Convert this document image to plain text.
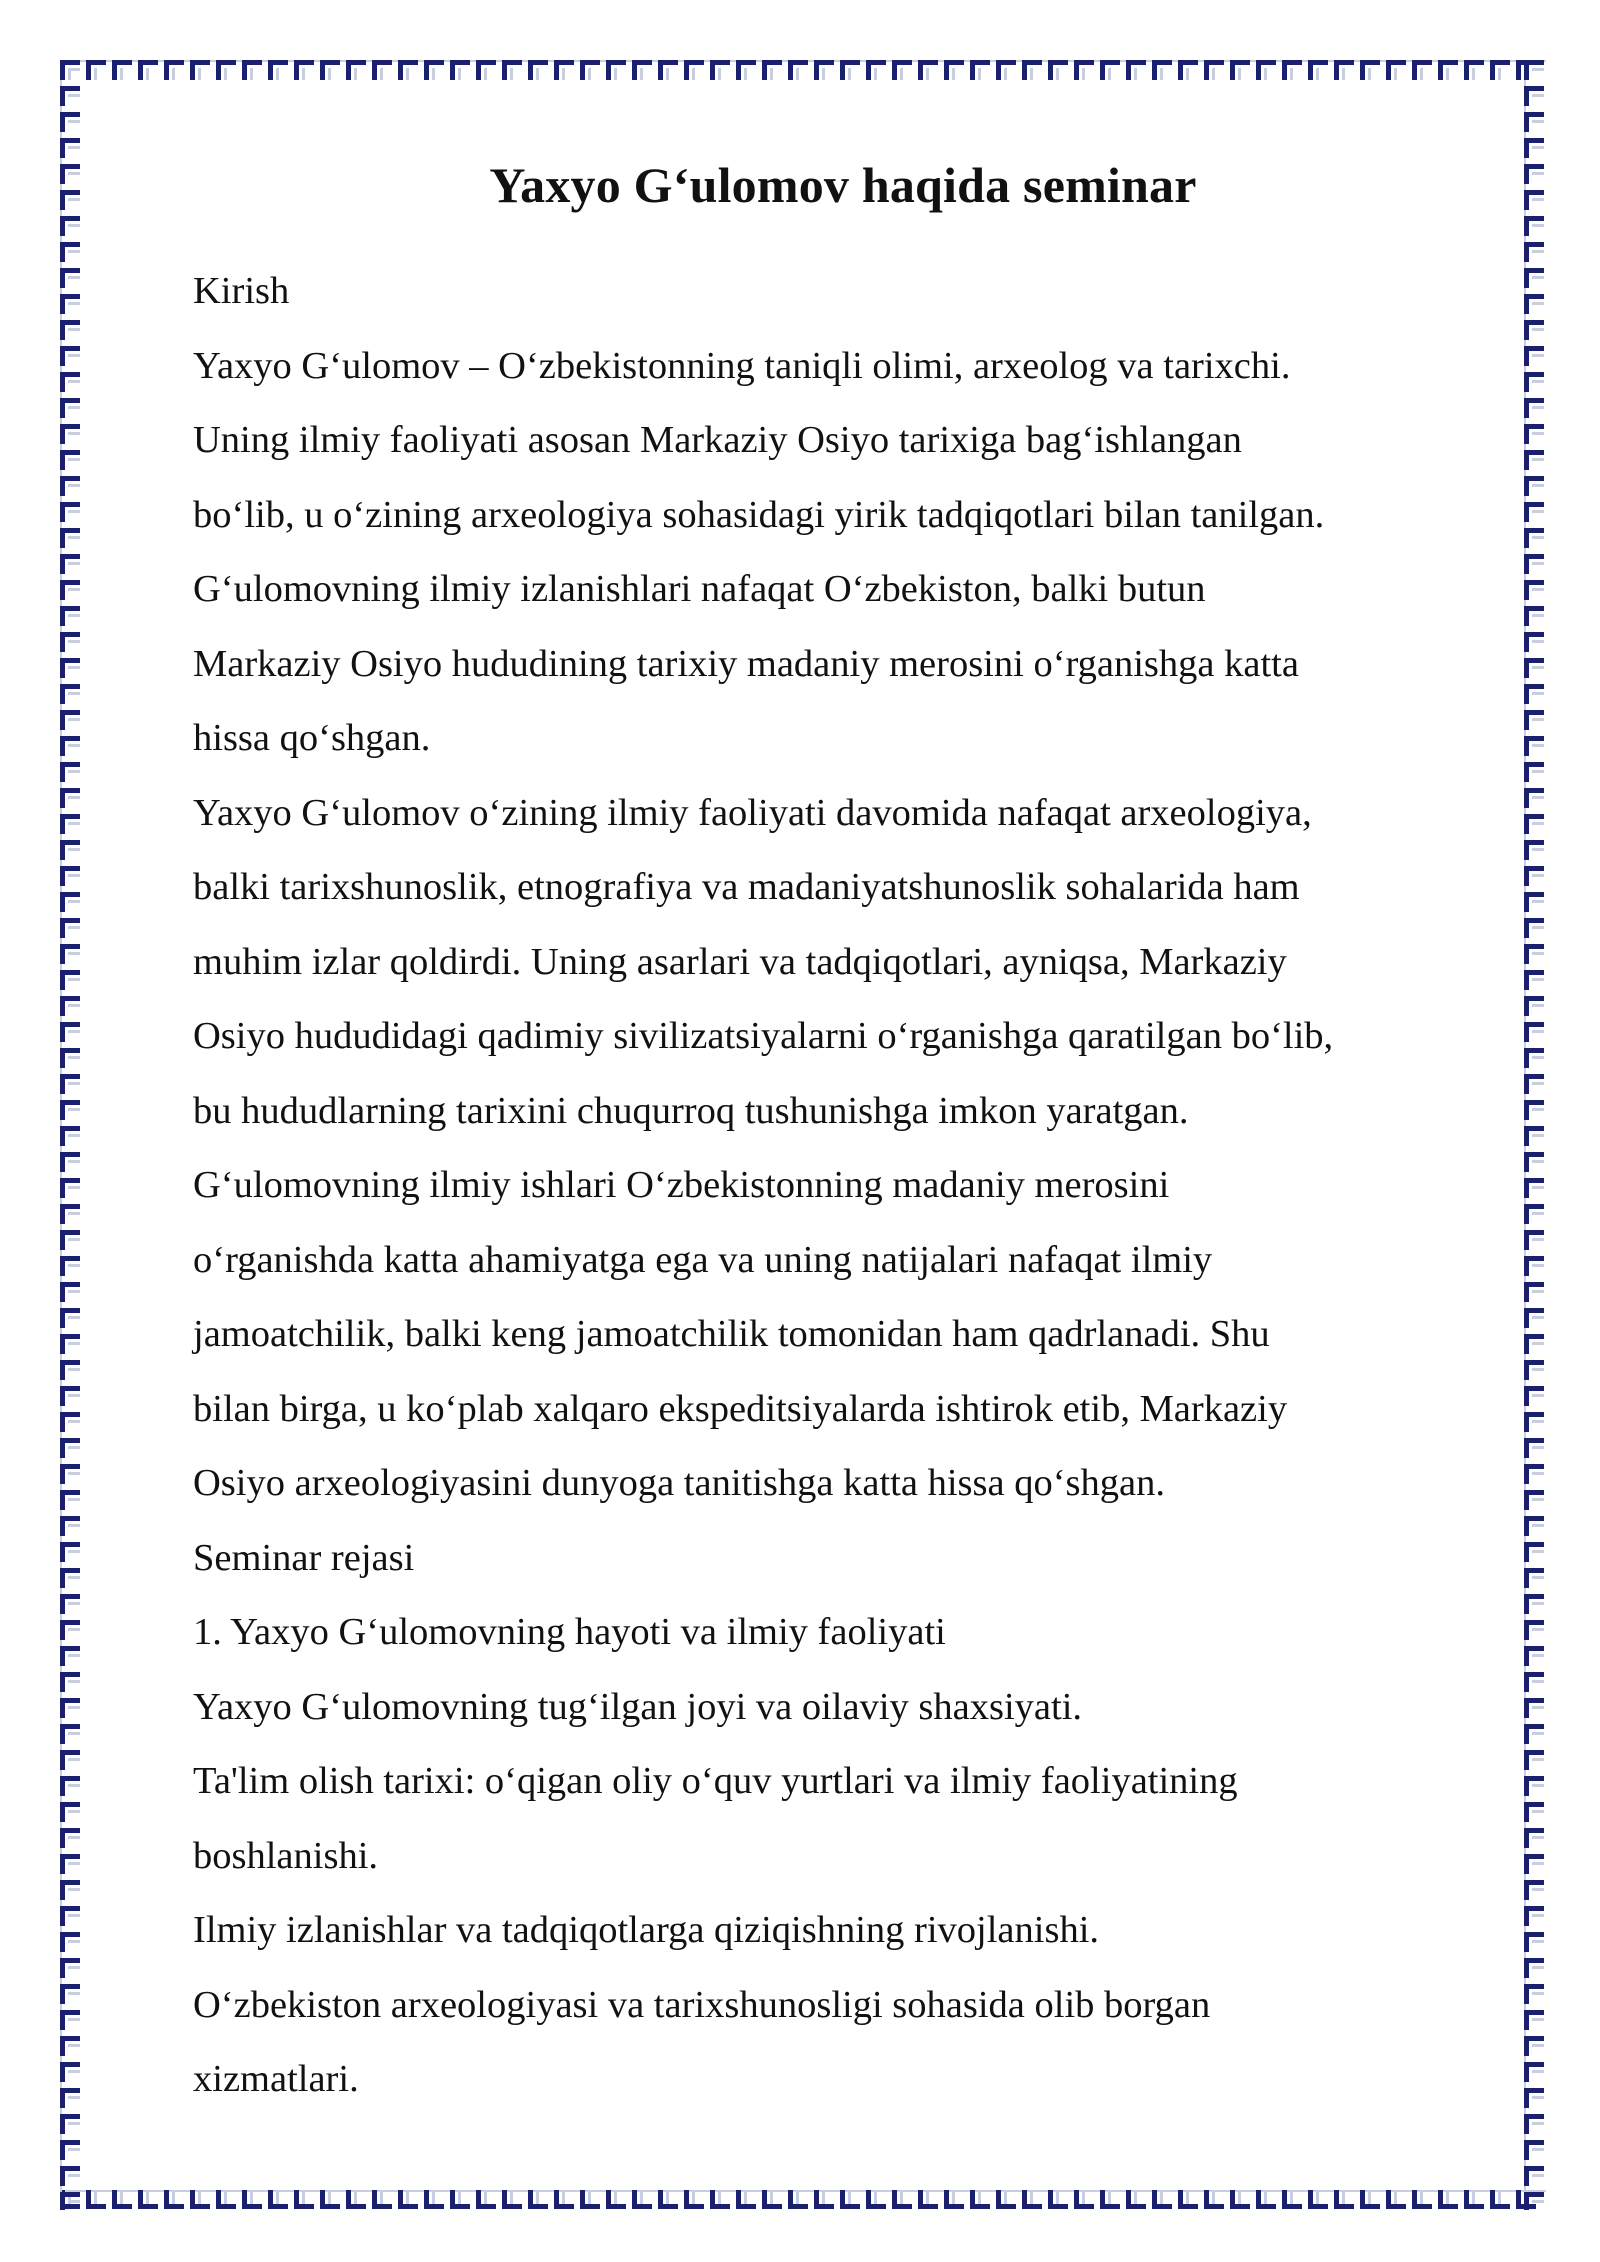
Yaxyo G‘ulomov haqida seminar

Kirish

Yaxyo G‘ulomov – O‘zbekistonning taniqli olimi, arxeolog va tarixchi.

Uning ilmiy faoliyati asosan Markaziy Osiyo tarixiga bag‘ishlangan

bo‘lib, u o‘zining arxeologiya sohasidagi yirik tadqiqotlari bilan tanilgan.

G‘ulomovning ilmiy izlanishlari nafaqat O‘zbekiston, balki butun

Markaziy Osiyo hududining tarixiy madaniy merosini o‘rganishga katta

hissa qo‘shgan.

Yaxyo G‘ulomov o‘zining ilmiy faoliyati davomida nafaqat arxeologiya,

balki tarixshunoslik, etnografiya va madaniyatshunoslik sohalarida ham

muhim izlar qoldirdi. Uning asarlari va tadqiqotlari, ayniqsa, Markaziy

Osiyo hududidagi qadimiy sivilizatsiyalarni o‘rganishga qaratilgan bo‘lib,

bu hududlarning tarixini chuqurroq tushunishga imkon yaratgan.

G‘ulomovning ilmiy ishlari O‘zbekistonning madaniy merosini

o‘rganishda katta ahamiyatga ega va uning natijalari nafaqat ilmiy

jamoatchilik, balki keng jamoatchilik tomonidan ham qadrlanadi. Shu

bilan birga, u ko‘plab xalqaro ekspeditsiyalarda ishtirok etib, Markaziy

Osiyo arxeologiyasini dunyoga tanitishga katta hissa qo‘shgan.

Seminar rejasi

1. Yaxyo G‘ulomovning hayoti va ilmiy faoliyati

Yaxyo G‘ulomovning tug‘ilgan joyi va oilaviy shaxsiyati.

Ta'lim olish tarixi: o‘qigan oliy o‘quv yurtlari va ilmiy faoliyatining

boshlanishi.

Ilmiy izlanishlar va tadqiqotlarga qiziqishning rivojlanishi.

O‘zbekiston arxeologiyasi va tarixshunosligi sohasida olib borgan

xizmatlari.
